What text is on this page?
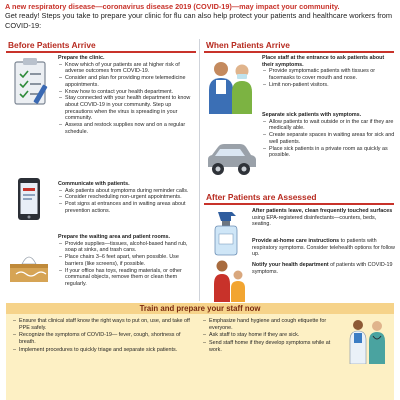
A new respiratory disease—coronavirus disease 2019 (COVID-19)—may impact your community.
Get ready! Steps you take to prepare your clinic for flu can also help protect your patients and healthcare workers from COVID-19:
Before Patients Arrive
Prepare the clinic.
– Know which of your patients are at higher risk of adverse outcomes from COVID-19.
– Consider and plan for providing more telemedicine appointments.
– Know how to contact your health department.
– Stay connected with your health department to know about COVID-19 in your community. Step up precautions when the virus is spreading in your community.
– Assess and restock supplies now and on a regular schedule.
Communicate with patients.
– Ask patients about symptoms during reminder calls.
– Consider rescheduling non-urgent appointments.
– Post signs at entrances and in waiting areas about prevention actions.
Prepare the waiting area and patient rooms.
– Provide supplies—tissues, alcohol-based hand rub, soap at sinks, and trash cans.
– Place chairs 3–6 feet apart, when possible. Use barriers (like screens), if possible.
– If your office has toys, reading materials, or other communal objects, remove them or clean them regularly.
When Patients Arrive
Place staff at the entrance to ask patients about their symptoms.
– Provide symptomatic patients with tissues or facemasks to cover mouth and nose.
– Limit non-patient visitors.
Separate sick patients with symptoms.
– Allow patients to wait outside or in the car if they are medically able.
– Create separate spaces in waiting areas for sick and well patients.
– Place sick patients in a private room as quickly as possible.
After Patients are Assessed
After patients leave, clean frequently touched surfaces using EPA-registered disinfectants—counters, beds, seating.
Provide at-home care instructions to patients with respiratory symptoms. Consider telehealth options for follow up.
Notify your health department of patients with COVID-19 symptoms.
Train and prepare your staff now
– Ensure that clinical staff know the right ways to put on, use, and take off PPE safely.
– Recognize the symptoms of COVID-19— fever, cough, shortness of breath.
– Implement procedures to quickly triage and separate sick patients.
– Emphasize hand hygiene and cough etiquette for everyone.
– Ask staff to stay home if they are sick.
– Send staff home if they develop symptoms while at work.
